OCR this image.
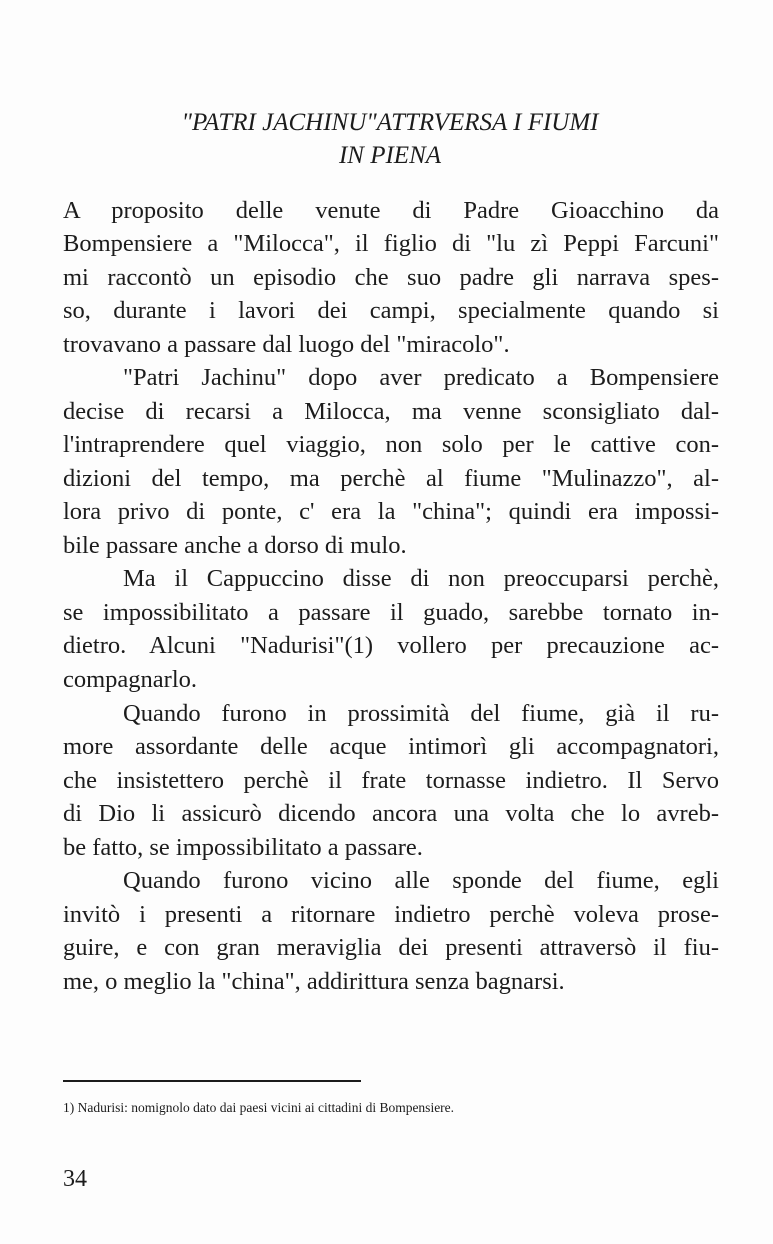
"PATRI JACHINU"ATTRVERSA I FIUMI
IN PIENA
A proposito delle venute di Padre Gioacchino da
Bompensiere a "Milocca", il figlio di "lu zì Peppi Farcuni"
mi raccontò un episodio che suo padre gli narrava spes-
so, durante i lavori dei campi, specialmente quando si
trovavano a passare dal luogo del "miracolo".
"Patri Jachinu" dopo aver predicato a Bompensiere
decise di recarsi a Milocca, ma venne sconsigliato dal-
l'intraprendere quel viaggio, non solo per le cattive con-
dizioni del tempo, ma perchè al fiume "Mulinazzo", al-
lora privo di ponte, c' era la "china"; quindi era impossi-
bile passare anche a dorso di mulo.
Ma il Cappuccino disse di non preoccuparsi perchè,
se impossibilitato a passare il guado, sarebbe tornato in-
dietro. Alcuni "Nadurisi"(1) vollero per precauzione ac-
compagnarlo.
Quando furono in prossimità del fiume, già il ru-
more assordante delle acque intimorì gli accompagnatori,
che insistettero perchè il frate tornasse indietro. Il Servo
di Dio li assicurò dicendo ancora una volta che lo avreb-
be fatto, se impossibilitato a passare.
Quando furono vicino alle sponde del fiume, egli
invitò i presenti a ritornare indietro perchè voleva prose-
guire, e con gran meraviglia dei presenti attraversò il fiu-
me, o meglio la "china", addirittura senza bagnarsi.
1) Nadurisi: nomignolo dato dai paesi vicini ai cittadini di Bompensiere.
34
